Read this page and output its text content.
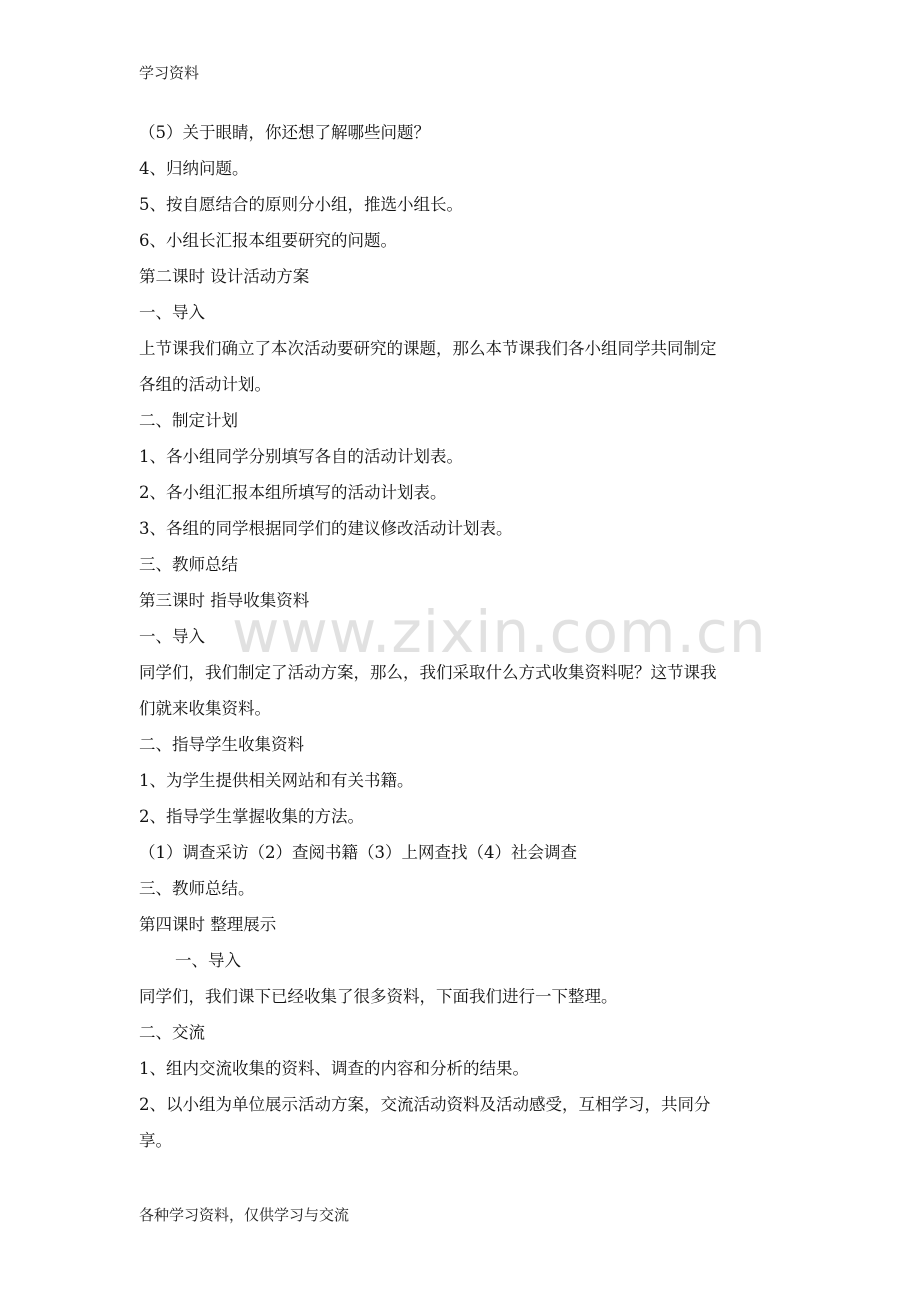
学习资料
www.zixin.com.cn
（5）关于眼睛，你还想了解哪些问题？
4、归纳问题。
5、按自愿结合的原则分小组，推选小组长。
6、小组长汇报本组要研究的问题。
第二课时 设计活动方案
一、导入
上节课我们确立了本次活动要研究的课题，那么本节课我们各小组同学共同制定
各组的活动计划。
二、制定计划
1、各小组同学分别填写各自的活动计划表。
2、各小组汇报本组所填写的活动计划表。
3、各组的同学根据同学们的建议修改活动计划表。
三、教师总结
第三课时 指导收集资料
一、导入
同学们，我们制定了活动方案，那么，我们采取什么方式收集资料呢？这节课我
们就来收集资料。
二、指导学生收集资料
1、为学生提供相关网站和有关书籍。
2、指导学生掌握收集的方法。
（1）调查采访（2）查阅书籍（3）上网查找（4）社会调查
三、教师总结。
第四课时 整理展示
一、导入
同学们，我们课下已经收集了很多资料，下面我们进行一下整理。
二、交流
1、组内交流收集的资料、调查的内容和分析的结果。
2、以小组为单位展示活动方案，交流活动资料及活动感受，互相学习，共同分
享。
各种学习资料，仅供学习与交流
